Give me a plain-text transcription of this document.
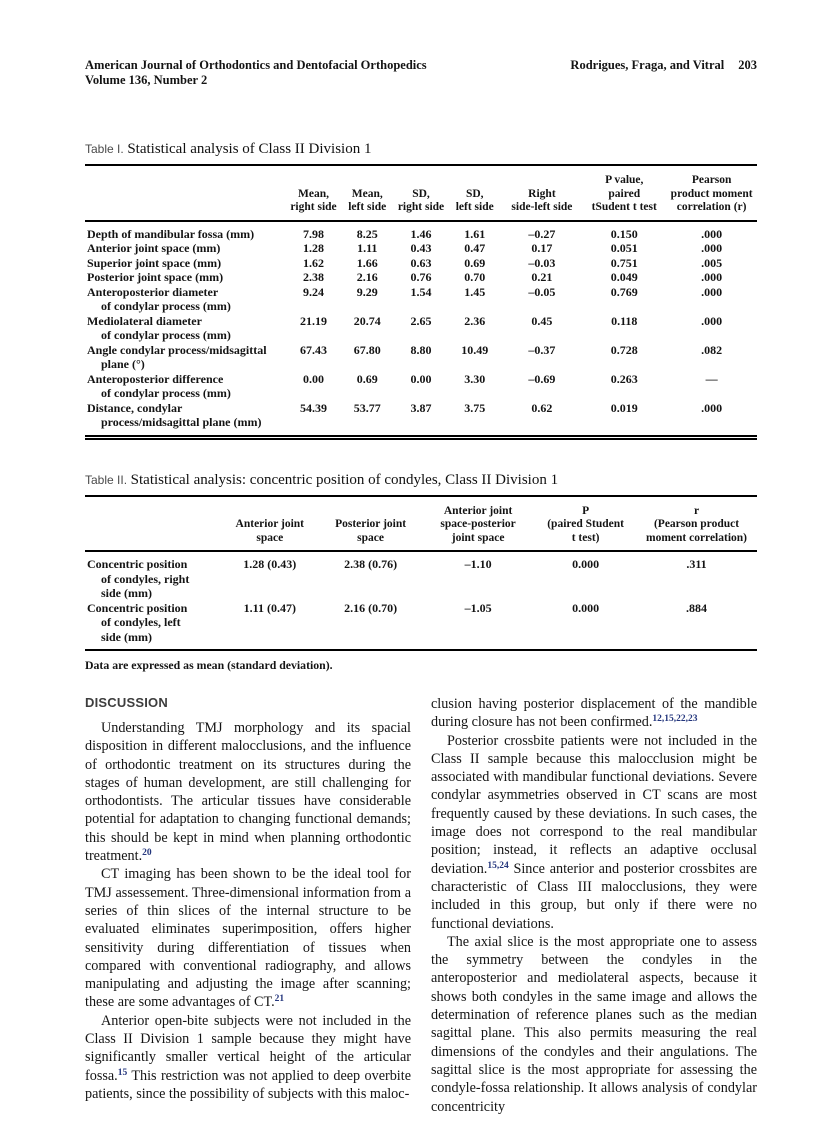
American Journal of Orthodontics and Dentofacial Orthopedics
Volume 136, Number 2
Rodrigues, Fraga, and Vitral 203
Table I. Statistical analysis of Class II Division 1
	Mean,
right side	Mean,
left side	SD,
right side	SD,
left side	Right
side-left side	P value,
paired
tSudent t test	Pearson
product moment
correlation (r)

Depth of mandibular fossa (mm)	7.98	8.25	1.46	1.61	–0.27	0.150	.000

Anterior joint space (mm)	1.28	1.11	0.43	0.47	0.17	0.051	.000

Superior joint space (mm)	1.62	1.66	0.63	0.69	–0.03	0.751	.005

Posterior joint space (mm)	2.38	2.16	0.76	0.70	0.21	0.049	.000

Anteroposterior diameter
of condylar process (mm)	9.24	9.29	1.54	1.45	–0.05	0.769	.000

Mediolateral diameter
of condylar process (mm)	21.19	20.74	2.65	2.36	0.45	0.118	.000

Angle condylar process/midsagittal
plane (°)	67.43	67.80	8.80	10.49	–0.37	0.728	.082

Anteroposterior difference
of condylar process (mm)	0.00	0.69	0.00	3.30	–0.69	0.263	—

Distance, condylar
process/midsagittal plane (mm)	54.39	53.77	3.87	3.75	0.62	0.019	.000
Table II. Statistical analysis: concentric position of condyles, Class II Division 1
	Anterior joint
space	Posterior joint
space	Anterior joint
space-posterior
joint space	P
(paired Student
t test)	r
(Pearson product
moment correlation)

Concentric position
of condyles, right
side (mm)	1.28 (0.43)	2.38 (0.76)	–1.10	0.000	.311

Concentric position
of condyles, left
side (mm)	1.11 (0.47)	2.16 (0.70)	–1.05	0.000	.884
Data are expressed as mean (standard deviation).
DISCUSSION

Understanding TMJ morphology and its spacial disposition in different malocclusions, and the influence of orthodontic treatment on its structures during the stages of human development, are still challenging for orthodontists. The articular tissues have considerable potential for adaptation to changing functional demands; this should be kept in mind when planning orthodontic treatment.$^{20}$

CT imaging has been shown to be the ideal tool for TMJ assessement. Three-dimensional information from a series of thin slices of the internal structure to be evaluated eliminates superimposition, offers higher sensitivity during differentiation of tissues when compared with conventional radiography, and allows manipulating and adjusting the image after scanning; these are some advantages of CT.$^{21}$

Anterior open-bite subjects were not included in the Class II Division 1 sample because they might have significantly smaller vertical height of the articular fossa.$^{15}$ This restriction was not applied to deep overbite patients, since the possibility of subjects with this maloc-

clusion having posterior displacement of the mandible during closure has not been confirmed.$^{12,15,22,23}$

Posterior crossbite patients were not included in the Class II sample because this malocclusion might be associated with mandibular functional deviations. Severe condylar asymmetries observed in CT scans are most frequently caused by these deviations. In such cases, the image does not correspond to the real mandibular position; instead, it reflects an adaptive occlusal deviation.$^{15,24}$ Since anterior and posterior crossbites are characteristic of Class III malocclusions, they were included in this group, but only if there were no functional deviations.

The axial slice is the most appropriate one to assess the symmetry between the condyles in the anteroposterior and mediolateral aspects, because it shows both condyles in the same image and allows the determination of reference planes such as the median sagittal plane. This also permits measuring the real dimensions of the condyles and their angulations. The sagittal slice is the most appropriate for assessing the condyle-fossa relationship. It allows analysis of condylar concentricity
